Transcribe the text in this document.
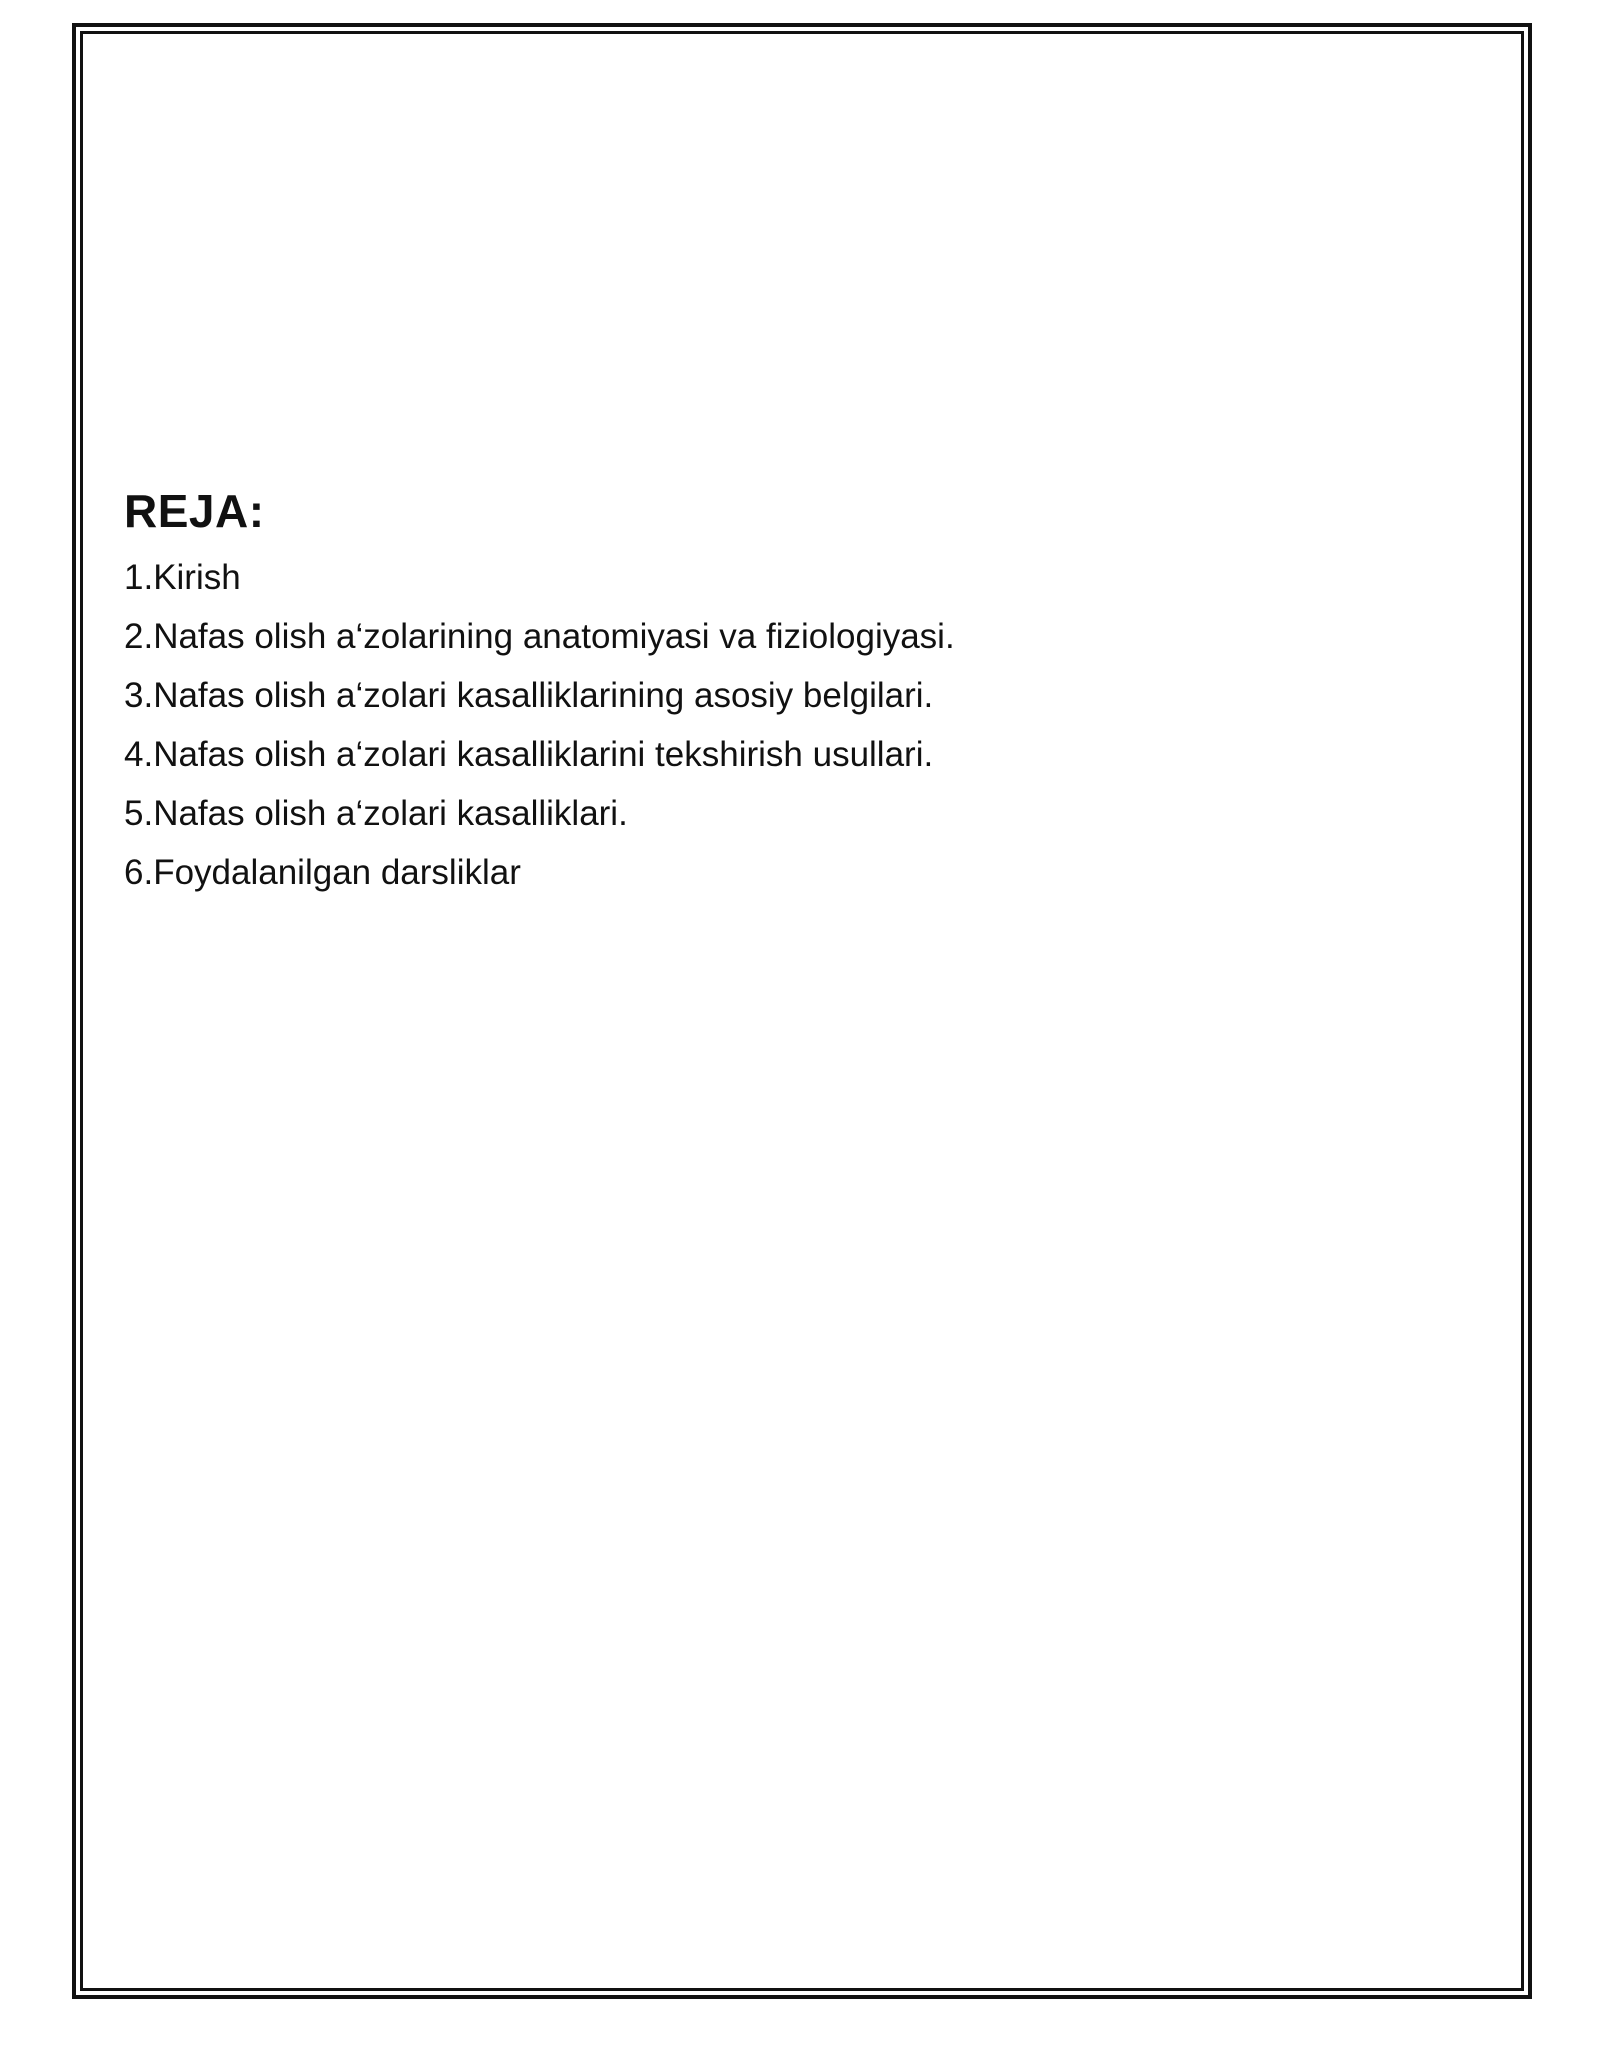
REJA:
1.Kirish
2.Nafas olish a‘zolarining anatomiyasi va fiziologiyasi.
3.Nafas olish a‘zolari kasalliklarining asosiy belgilari.
4.Nafas olish a‘zolari kasalliklarini tekshirish usullari.
5.Nafas olish a‘zolari kasalliklari.
6.Foydalanilgan darsliklar
